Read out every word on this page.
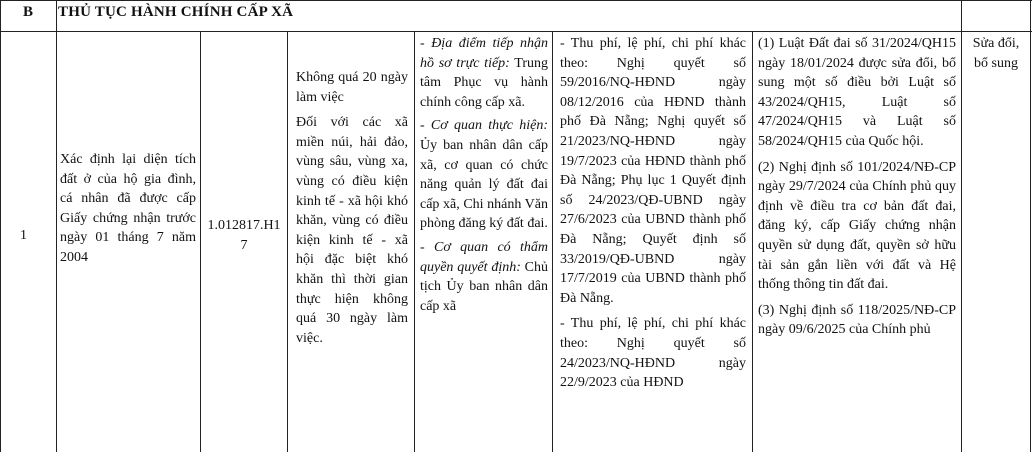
B	THỦ TỤC HÀNH CHÍNH CẤP XÃ
1
Xác định lại diện tích đất ở của hộ gia đình, cá nhân đã được cấp Giấy chứng nhận trước ngày 01 tháng 7 năm 2004
1.012817.H17
Không quá 20 ngày làm việc
Đối với các xã miền núi, hải đảo, vùng sâu, vùng xa, vùng có điều kiện kinh tế - xã hội khó khăn, vùng có điều kiện kinh tế - xã hội đặc biệt khó khăn thì thời gian thực hiện không quá 30 ngày làm việc.
- Địa điểm tiếp nhận hồ sơ trực tiếp: Trung tâm Phục vụ hành chính công cấp xã.
- Cơ quan thực hiện: Ủy ban nhân dân cấp xã, cơ quan có chức năng quản lý đất đai cấp xã, Chi nhánh Văn phòng đăng ký đất đai.
- Cơ quan có thẩm quyền quyết định: Chủ tịch Ủy ban nhân dân cấp xã
- Thu phí, lệ phí, chi phí khác theo: Nghị quyết số 59/2016/NQ-HĐND ngày 08/12/2016 của HĐND thành phố Đà Nẵng; Nghị quyết số 21/2023/NQ-HĐND ngày 19/7/2023 của HĐND thành phố Đà Nẵng; Phụ lục 1 Quyết định số 24/2023/QĐ-UBND ngày 27/6/2023 của UBND thành phố Đà Nẵng; Quyết định số 33/2019/QĐ-UBND ngày 17/7/2019 của UBND thành phố Đà Nẵng.
- Thu phí, lệ phí, chi phí khác theo: Nghị quyết số 24/2023/NQ-HĐND ngày 22/9/2023 của HĐND
(1) Luật Đất đai số 31/2024/QH15 ngày 18/01/2024 được sửa đổi, bổ sung một số điều bởi Luật số 43/2024/QH15, Luật số 47/2024/QH15 và Luật số 58/2024/QH15 của Quốc hội.
(2) Nghị định số 101/2024/NĐ-CP ngày 29/7/2024 của Chính phủ quy định về điều tra cơ bản đất đai, đăng ký, cấp Giấy chứng nhận quyền sử dụng đất, quyền sở hữu tài sản gắn liền với đất và Hệ thống thông tin đất đai.
(3) Nghị định số 118/2025/NĐ-CP ngày 09/6/2025 của Chính phủ
Sửa đổi, bổ sung
